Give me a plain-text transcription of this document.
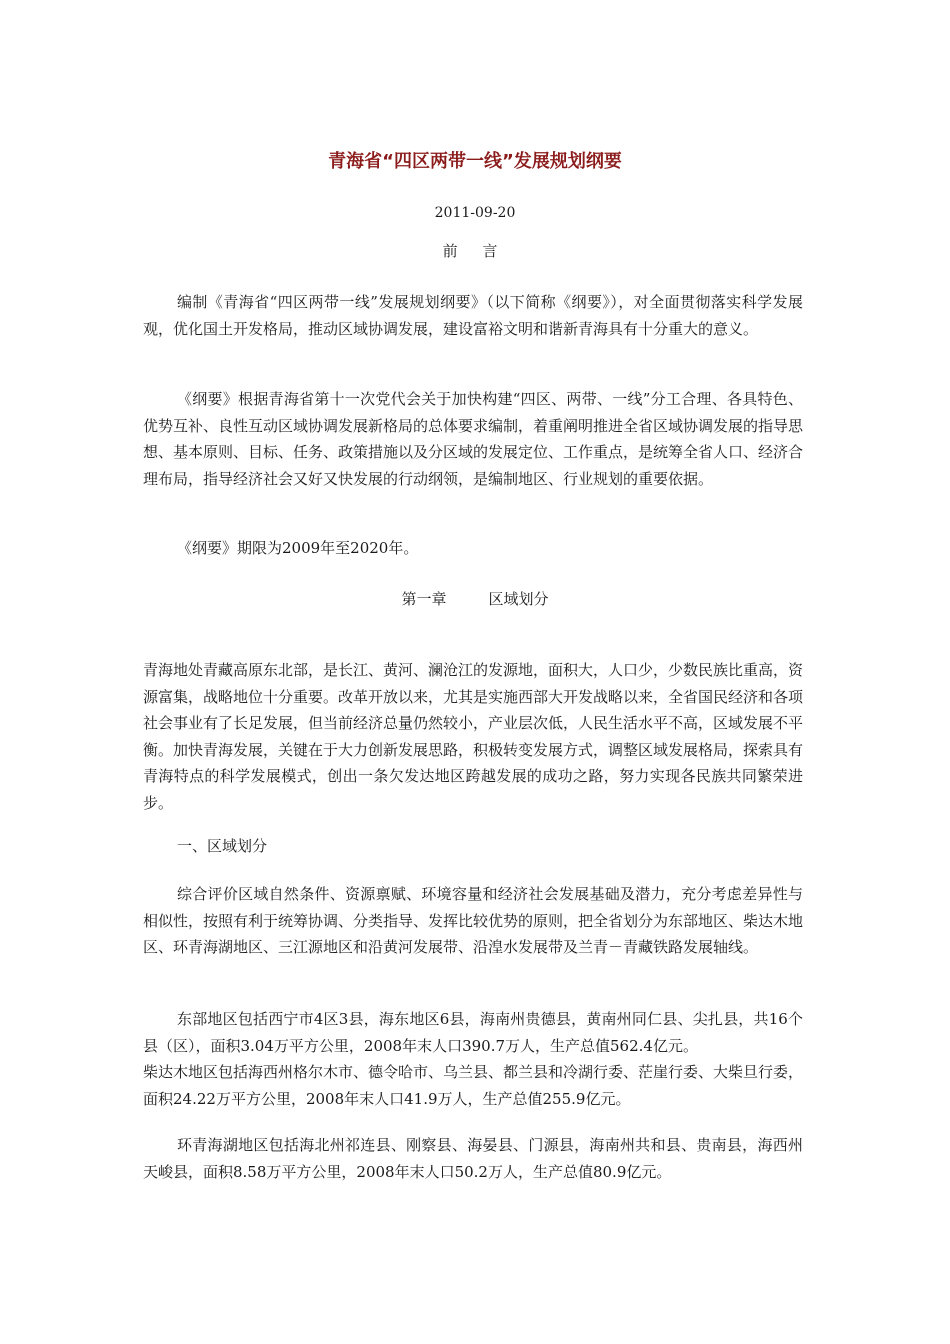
青海省“四区两带一线”发展规划纲要

2011-09-20

前 言

编制《青海省“四区两带一线”发展规划纲要》（以下简称《纲要》），对全面贯彻落实科学发展观，优化国土开发格局，推动区域协调发展，建设富裕文明和谐新青海具有十分重大的意义。

《纲要》根据青海省第十一次党代会关于加快构建“四区、两带、一线”分工合理、各具特色、优势互补、良性互动区域协调发展新格局的总体要求编制，着重阐明推进全省区域协调发展的指导思想、基本原则、目标、任务、政策措施以及分区域的发展定位、工作重点，是统筹全省人口、经济合理布局，指导经济社会又好又快发展的行动纲领，是编制地区、行业规划的重要依据。

《纲要》期限为2009年至2020年。

第一章	区域划分

青海地处青藏高原东北部，是长江、黄河、澜沧江的发源地，面积大，人口少，少数民族比重高，资源富集，战略地位十分重要。改革开放以来，尤其是实施西部大开发战略以来，全省国民经济和各项社会事业有了长足发展，但当前经济总量仍然较小，产业层次低，人民生活水平不高，区域发展不平衡。加快青海发展，关键在于大力创新发展思路，积极转变发展方式，调整区域发展格局，探索具有青海特点的科学发展模式，创出一条欠发达地区跨越发展的成功之路，努力实现各民族共同繁荣进步。

一、区域划分

综合评价区域自然条件、资源禀赋、环境容量和经济社会发展基础及潜力，充分考虑差异性与相似性，按照有利于统筹协调、分类指导、发挥比较优势的原则，把全省划分为东部地区、柴达木地区、环青海湖地区、三江源地区和沿黄河发展带、沿湟水发展带及兰青－青藏铁路发展轴线。

东部地区包括西宁市4区3县，海东地区6县，海南州贵德县，黄南州同仁县、尖扎县，共16个县（区），面积3.04万平方公里，2008年末人口390.7万人，生产总值562.4亿元。

柴达木地区包括海西州格尔木市、德令哈市、乌兰县、都兰县和冷湖行委、茫崖行委、大柴旦行委，面积24.22万平方公里，2008年末人口41.9万人，生产总值255.9亿元。

环青海湖地区包括海北州祁连县、刚察县、海晏县、门源县，海南州共和县、贵南县，海西州天峻县，面积8.58万平方公里，2008年末人口50.2万人，生产总值80.9亿元。
